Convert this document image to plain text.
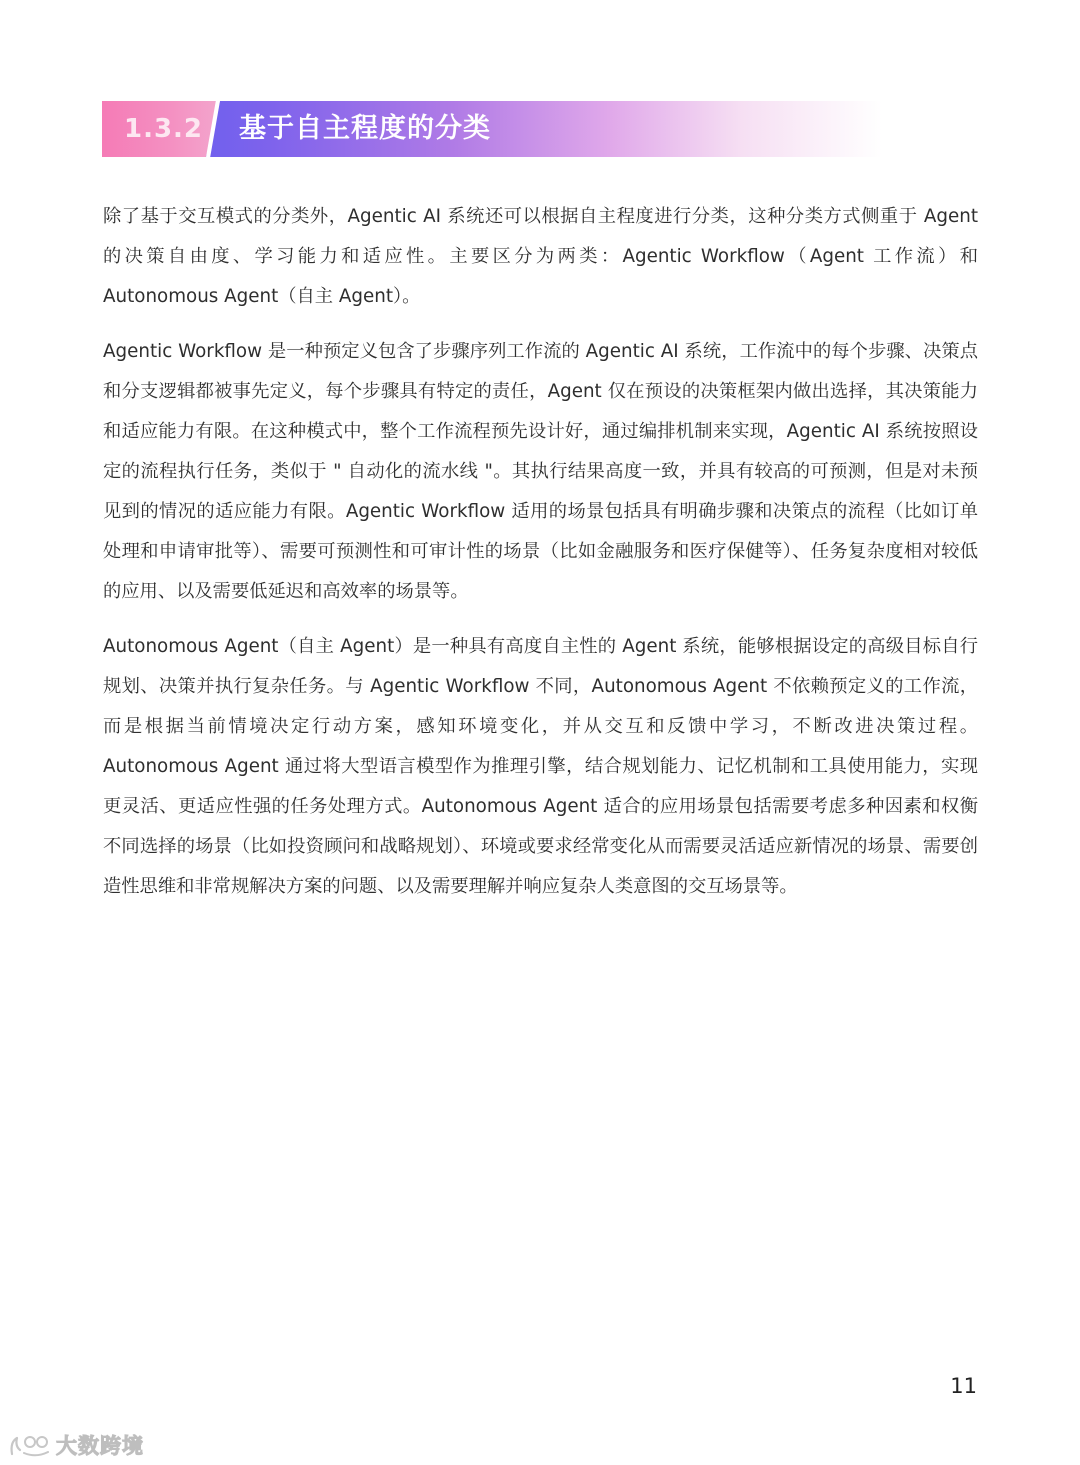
1.3.2 基于自主程度的分类

除了基于交互模式的分类外，Agentic AI 系统还可以根据自主程度进行分类，这种分类方式侧重于 Agent 的决策自由度、学习能力和适应性。主要区分为两类：Agentic Workflow（Agent 工作流）和 Autonomous Agent（自主 Agent）。

Agentic Workflow 是一种预定义包含了步骤序列工作流的 Agentic AI 系统，工作流中的每个步骤、决策点和分支逻辑都被事先定义，每个步骤具有特定的责任，Agent 仅在预设的决策框架内做出选择，其决策能力和适应能力有限。在这种模式中，整个工作流程预先设计好，通过编排机制来实现，Agentic AI 系统按照设定的流程执行任务，类似于 " 自动化的流水线 "。其执行结果高度一致，并具有较高的可预测，但是对未预见到的情况的适应能力有限。Agentic Workflow 适用的场景包括具有明确步骤和决策点的流程（比如订单处理和申请审批等）、需要可预测性和可审计性的场景（比如金融服务和医疗保健等）、任务复杂度相对较低的应用、以及需要低延迟和高效率的场景等。

Autonomous Agent（自主 Agent）是一种具有高度自主性的 Agent 系统，能够根据设定的高级目标自行规划、决策并执行复杂任务。与 Agentic Workflow 不同，Autonomous Agent 不依赖预定义的工作流，而是根据当前情境决定行动方案，感知环境变化，并从交互和反馈中学习，不断改进决策过程。Autonomous Agent 通过将大型语言模型作为推理引擎，结合规划能力、记忆机制和工具使用能力，实现更灵活、更适应性强的任务处理方式。Autonomous Agent 适合的应用场景包括需要考虑多种因素和权衡不同选择的场景（比如投资顾问和战略规划）、环境或要求经常变化从而需要灵活适应新情况的场景、需要创造性思维和非常规解决方案的问题、以及需要理解并响应复杂人类意图的交互场景等。

11
大数跨境
